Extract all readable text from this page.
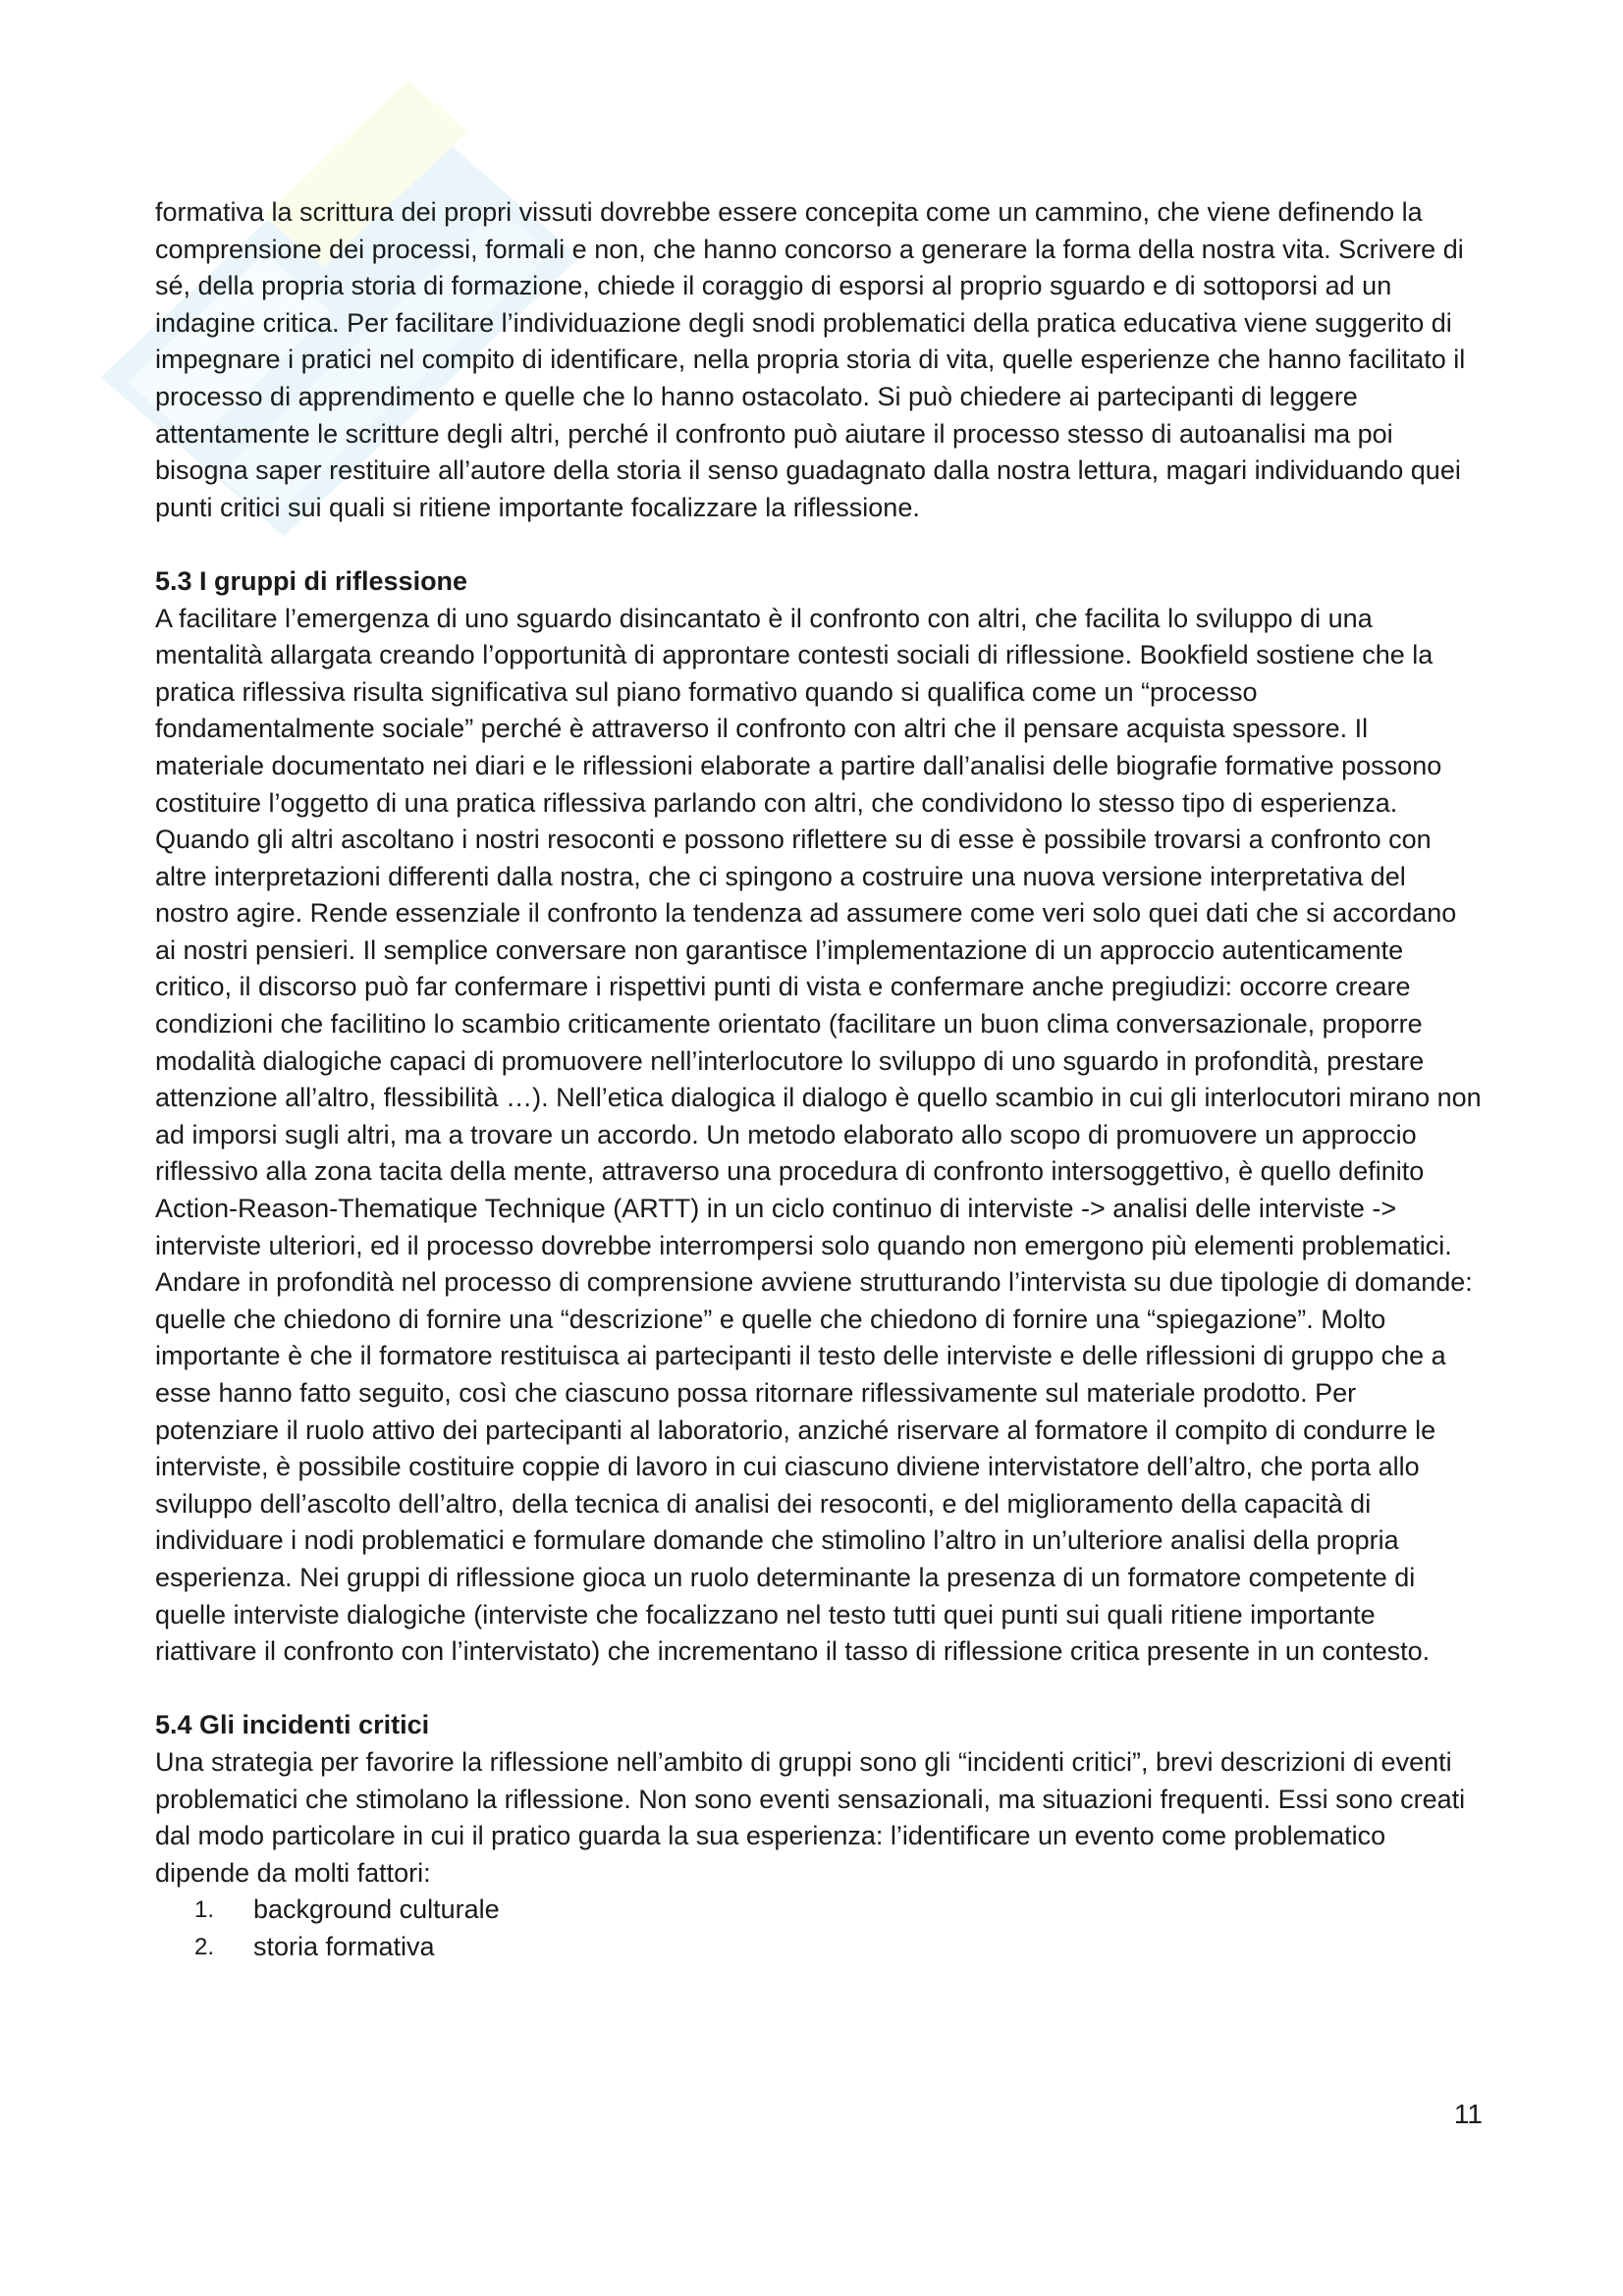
formativa la scrittura dei propri vissuti dovrebbe essere concepita come un cammino, che viene definendo la comprensione dei processi, formali e non, che hanno concorso a generare la forma della nostra vita. Scrivere di sé, della propria storia di formazione, chiede il coraggio di esporsi al proprio sguardo e di sottoporsi ad un indagine critica. Per facilitare l’individuazione degli snodi problematici della pratica educativa viene suggerito di impegnare i pratici nel compito di identificare, nella propria storia di vita, quelle esperienze che hanno facilitato il processo di apprendimento e quelle che lo hanno ostacolato. Si può chiedere ai partecipanti di leggere attentamente le scritture degli altri, perché il confronto può aiutare il processo stesso di autoanalisi ma poi bisogna saper restituire all’autore della storia il senso guadagnato dalla nostra lettura, magari individuando quei punti critici sui quali si ritiene importante focalizzare la riflessione.

5.3 I gruppi di riflessione

A facilitare l’emergenza di uno sguardo disincantato è il confronto con altri, che facilita lo sviluppo di una mentalità allargata creando l’opportunità di approntare contesti sociali di riflessione. Bookfield sostiene che la pratica riflessiva risulta significativa sul piano formativo quando si qualifica come un “processo fondamentalmente sociale” perché è attraverso il confronto con altri che il pensare acquista spessore. Il materiale documentato nei diari e le riflessioni elaborate a partire dall’analisi delle biografie formative possono costituire l’oggetto di una pratica riflessiva parlando con altri, che condividono lo stesso tipo di esperienza. Quando gli altri ascoltano i nostri resoconti e possono riflettere su di esse è possibile trovarsi a confronto con altre interpretazioni differenti dalla nostra, che ci spingono a costruire una nuova versione interpretativa del nostro agire. Rende essenziale il confronto la tendenza ad assumere come veri solo quei dati che si accordano ai nostri pensieri. Il semplice conversare non garantisce l’implementazione di un approccio autenticamente critico, il discorso può far confermare i rispettivi punti di vista e confermare anche pregiudizi: occorre creare condizioni che facilitino lo scambio criticamente orientato (facilitare un buon clima conversazionale, proporre modalità dialogiche capaci di promuovere nell’interlocutore lo sviluppo di uno sguardo in profondità, prestare attenzione all’altro, flessibilità …). Nell’etica dialogica il dialogo è quello scambio in cui gli interlocutori mirano non ad imporsi sugli altri, ma a trovare un accordo. Un metodo elaborato allo scopo di promuovere un approccio riflessivo alla zona tacita della mente, attraverso una procedura di confronto intersoggettivo, è quello definito Action-Reason-Thematique Technique (ARTT) in un ciclo continuo di interviste -> analisi delle interviste -> interviste ulteriori, ed il processo dovrebbe interrompersi solo quando non emergono più elementi problematici. Andare in profondità nel processo di comprensione avviene strutturando l’intervista su due tipologie di domande: quelle che chiedono di fornire una “descrizione” e quelle che chiedono di fornire una “spiegazione”. Molto importante è che il formatore restituisca ai partecipanti il testo delle interviste e delle riflessioni di gruppo che a esse hanno fatto seguito, così che ciascuno possa ritornare riflessivamente sul materiale prodotto. Per potenziare il ruolo attivo dei partecipanti al laboratorio, anziché riservare al formatore il compito di condurre le interviste, è possibile costituire coppie di lavoro in cui ciascuno diviene intervistatore dell’altro, che porta allo sviluppo dell’ascolto dell’altro, della tecnica di analisi dei resoconti, e del miglioramento della capacità di individuare i nodi problematici e formulare domande che stimolino l’altro in un’ulteriore analisi della propria esperienza. Nei gruppi di riflessione gioca un ruolo determinante la presenza di un formatore competente di quelle interviste dialogiche (interviste che focalizzano nel testo tutti quei punti sui quali ritiene importante riattivare il confronto con l’intervistato) che incrementano il tasso di riflessione critica presente in un contesto.

5.4 Gli incidenti critici

Una strategia per favorire la riflessione nell’ambito di gruppi sono gli “incidenti critici”, brevi descrizioni di eventi problematici che stimolano la riflessione. Non sono eventi sensazionali, ma situazioni frequenti. Essi sono creati dal modo particolare in cui il pratico guarda la sua esperienza: l’identificare un evento come problematico dipende da molti fattori:

1.	background culturale
2.	storia formativa
11
